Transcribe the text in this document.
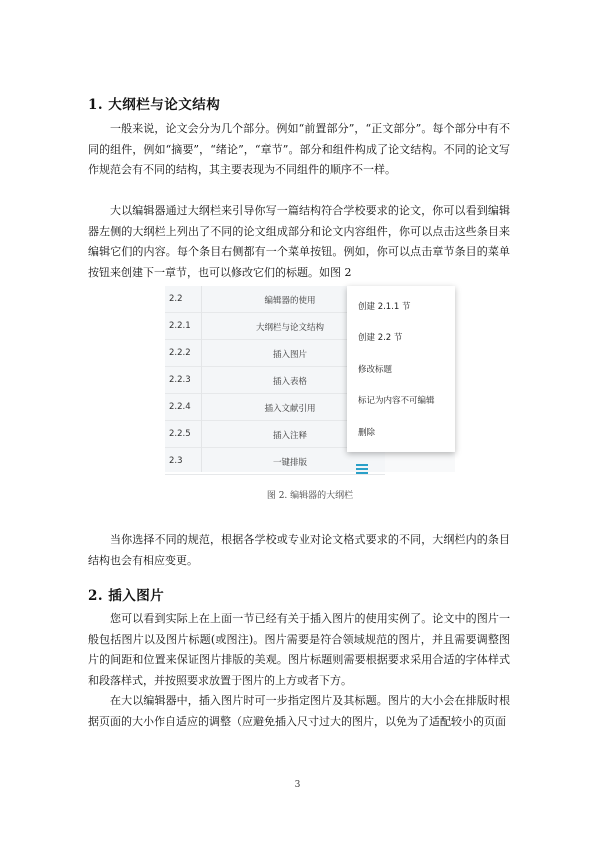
1. 大纲栏与论文结构

一般来说，论文会分为几个部分。例如“前置部分”，“正文部分”。每个部分中有不同的组件，例如“摘要”，“绪论”，“章节”。部分和组件构成了论文结构。不同的论文写作规范会有不同的结构，其主要表现为不同组件的顺序不一样。

大以编辑器通过大纲栏来引导你写一篇结构符合学校要求的论文，你可以看到编辑器左侧的大纲栏上列出了不同的论文组成部分和论文内容组件，你可以点击这些条目来编辑它们的内容。每个条目右侧都有一个菜单按钮。例如，你可以点击章节条目的菜单按钮来创建下一章节，也可以修改它们的标题。如图 2

2.2	编辑器的使用
2.2.1	大纲栏与论文结构
2.2.2	插入图片
2.2.3	插入表格
2.2.4	插入文献引用
2.2.5	插入注释
2.3	一键排版
创建 2.1.1 节
创建 2.2 节
修改标题
标记为内容不可编辑
删除
图 2. 编辑器的大纲栏

当你选择不同的规范，根据各学校或专业对论文格式要求的不同，大纲栏内的条目结构也会有相应变更。

2. 插入图片

您可以看到实际上在上面一节已经有关于插入图片的使用实例了。论文中的图片一般包括图片以及图片标题(或图注)。图片需要是符合领域规范的图片，并且需要调整图片的间距和位置来保证图片排版的美观。图片标题则需要根据要求采用合适的字体样式和段落样式，并按照要求放置于图片的上方或者下方。

在大以编辑器中，插入图片时可一步指定图片及其标题。图片的大小会在排版时根据页面的大小作自适应的调整（应避免插入尺寸过大的图片，以免为了适配较小的页面

3
